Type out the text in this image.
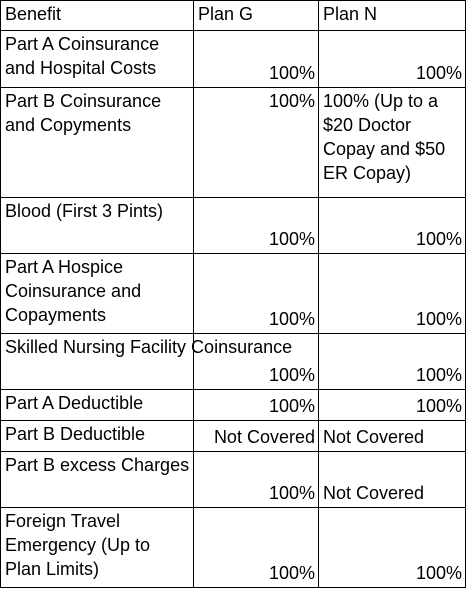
Benefit	Plan G	Plan N
Part A Coinsurance and Hospital Costs	100%	100%
Part B Coinsurance and Copyments	100%	100% (Up to a $20 Doctor Copay and $50 ER Copay)
Blood (First 3 Pints)	100%	100%
Part A Hospice Coinsurance and Copayments	100%	100%
Skilled Nursing Facility Coinsurance	100%	100%
Part A Deductible	100%	100%
Part B Deductible	Not Covered	Not Covered
Part B excess Charges	100%	Not Covered
Foreign Travel Emergency (Up to Plan Limits)	100%	100%
